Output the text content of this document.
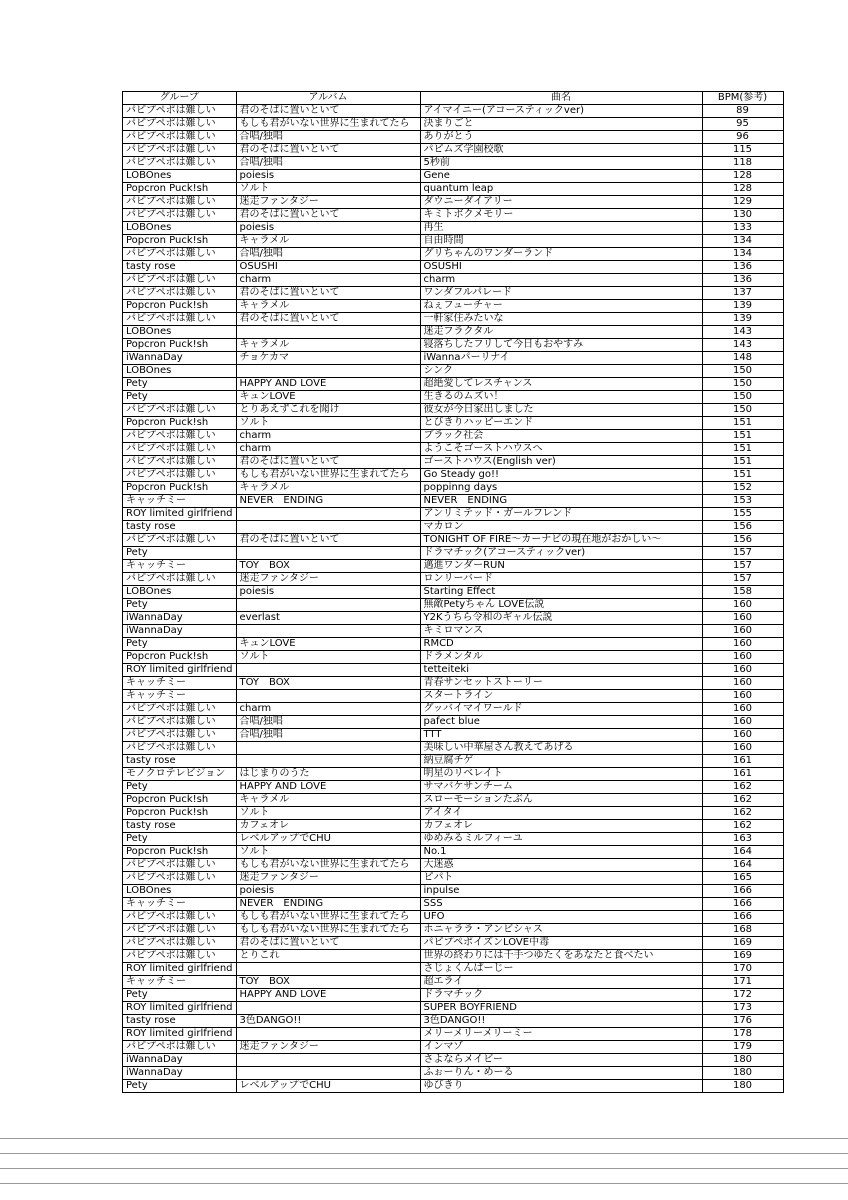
グループ	アルバム	曲名	BPM(参考)
パピプペポは難しい	君のそばに置いといて	アイマイニー(アコースティックver)	89
パピプペポは難しい	もしも君がいない世界に生まれてたら	決まりごと	95
パピプペポは難しい	合唱/独唱	ありがとう	96
パピプペポは難しい	君のそばに置いといて	パピムズ学園校歌	115
パピプペポは難しい	合唱/独唱	5秒前	118
LOBOnes	poiesis	Gene	128
Popcron Puck!sh	ソルト	quantum leap	128
パピプペポは難しい	迷走ファンタジー	ダウニーダイアリー	129
パピプペポは難しい	君のそばに置いといて	キミトボクメモリー	130
LOBOnes	poiesis	再生	133
Popcron Puck!sh	キャラメル	自由時間	134
パピプペポは難しい	合唱/独唱	グリちゃんのワンダーランド	134
tasty rose	OSUSHI	OSUSHI	136
パピプペポは難しい	charm	charm	136
パピプペポは難しい	君のそばに置いといて	ワンダフルパレード	137
Popcron Puck!sh	キャラメル	ねぇフューチャー	139
パピプペポは難しい	君のそばに置いといて	一軒家住みたいな	139
LOBOnes		迷走フラクタル	143
Popcron Puck!sh	キャラメル	寝落ちしたフリして今日もおやすみ	143
iWannaDay	チョケカマ	iWannaパーリナイ	148
LOBOnes		シンク	150
Pety	HAPPY AND LOVE	超絶愛してレスチャンス	150
Pety	キュンLOVE	生きるのムズい！	150
パピプペポは難しい	とりあえずこれを聞け	彼女が今日家出しました	150
Popcron Puck!sh	ソルト	とびきりハッピーエンド	151
パピプペポは難しい	charm	ブラック社会	151
パピプペポは難しい	charm	ようこそゴーストハウスへ	151
パピプペポは難しい	君のそばに置いといて	ゴーストハウス(English ver)	151
パピプペポは難しい	もしも君がいない世界に生まれてたら	Go Steady go!!	151
Popcron Puck!sh	キャラメル	poppinng days	152
キャッチミー	NEVER　ENDING	NEVER　ENDING	153
ROY limited girlfriend		アンリミテッド・ガールフレンド	155
tasty rose		マカロン	156
パピプペポは難しい	君のそばに置いといて	TONIGHT OF FIRE〜カーナビの現在地がおかしい〜	156
Pety		ドラマチック(アコースティックver)	157
キャッチミー	TOY　BOX	邁進ワンダーRUN	157
パピプペポは難しい	迷走ファンタジー	ロンリーバード	157
LOBOnes	poiesis	Starting Effect	158
Pety		無敵Petyちゃん LOVE伝説	160
iWannaDay	everlast	Y2Kうちら令和のギャル伝説	160
iWannaDay		キミロマンス	160
Pety	キュンLOVE	RMCD	160
Popcron Puck!sh	ソルト	ドラメンタル	160
ROY limited girlfriend		tetteiteki	160
キャッチミー	TOY　BOX	青春サンセットストーリー	160
キャッチミー		スタートライン	160
パピプペポは難しい	charm	グッバイマイワールド	160
パピプペポは難しい	合唱/独唱	pafect blue	160
パピプペポは難しい	合唱/独唱	TTT	160
パピプペポは難しい		美味しい中華屋さん教えてあげる	160
tasty rose		納豆腐チゲ	161
モノクロテレビジョン	はじまりのうた	明星のリベレイト	161
Pety	HAPPY AND LOVE	サマバケサンチーム	162
Popcron Puck!sh	キャラメル	スローモーションたぶん	162
Popcron Puck!sh	ソルト	アイタイ	162
tasty rose	カフェオレ	カフェオレ	162
Pety	レベルアップでCHU	ゆめみるミルフィーユ	163
Popcron Puck!sh	ソルト	No.1	164
パピプペポは難しい	もしも君がいない世界に生まれてたら	大迷惑	164
パピプペポは難しい	迷走ファンタジー	ピパト	165
LOBOnes	poiesis	inpulse	166
キャッチミー	NEVER　ENDING	SSS	166
パピプペポは難しい	もしも君がいない世界に生まれてたら	UFO	166
パピプペポは難しい	もしも君がいない世界に生まれてたら	ホニャララ・アンビシャス	168
パピプペポは難しい	君のそばに置いといて	パピプペポイズンLOVE中毒	169
パピプペポは難しい	とりこれ	世界の終わりには千手つゆたくをあなたと食べたい	169
ROY limited girlfriend		さじょくんぱーじー	170
キャッチミー	TOY　BOX	超エライ	171
Pety	HAPPY AND LOVE	ドラマチック	172
ROY limited girlfriend		SUPER BOYFRIEND	173
tasty rose	3色DANGO!!	3色DANGO!!	176
ROY limited girlfriend		メリーメリーメリーミー	178
パピプペポは難しい	迷走ファンタジー	インマゾ	179
iWannaDay		さよならメイビー	180
iWannaDay		ふぉーりん・めーる	180
Pety	レベルアップでCHU	ゆびきり	180
